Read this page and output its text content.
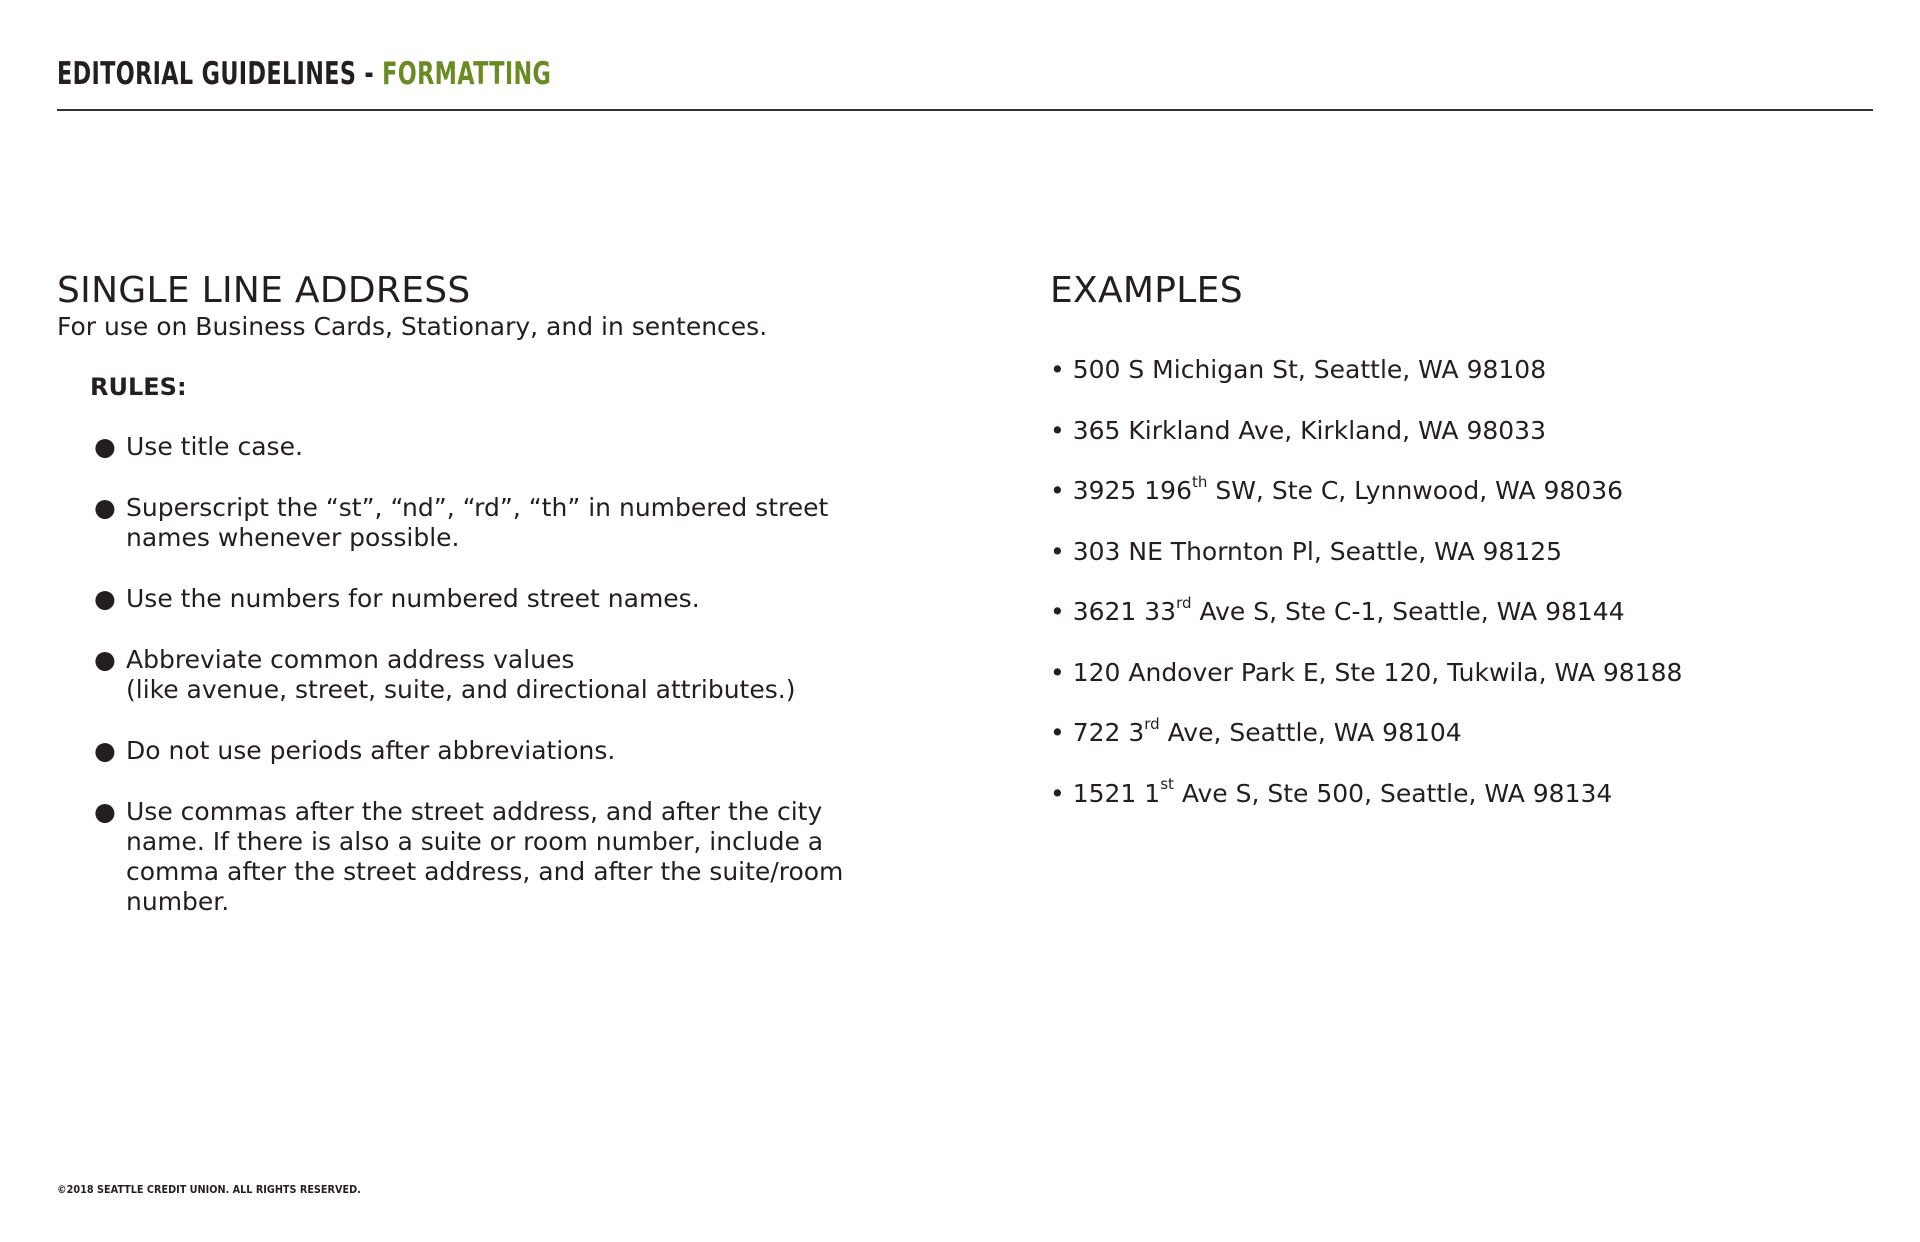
EDITORIAL GUIDELINES - FORMATTING
SINGLE LINE ADDRESS

For use on Business Cards, Stationary, and in sentences.

RULES:
● Use title case.
● Superscript the “st”, “nd”, “rd”, “th” in numbered street
names whenever possible.
● Use the numbers for numbered street names.
● Abbreviate common address values
(like avenue, street, suite, and directional attributes.)
● Do not use periods after abbreviations.
● Use commas after the street address, and after the city
name. If there is also a suite or room number, include a
comma after the street address, and after the suite/room
number.
EXAMPLES
• 500 S Michigan St, Seattle, WA 98108
• 365 Kirkland Ave, Kirkland, WA 98033
• 3925 196th SW, Ste C, Lynnwood, WA 98036
• 303 NE Thornton Pl, Seattle, WA 98125
• 3621 33rd Ave S, Ste C-1, Seattle, WA 98144
• 120 Andover Park E, Ste 120, Tukwila, WA 98188
• 722 3rd Ave, Seattle, WA 98104
• 1521 1st Ave S, Ste 500, Seattle, WA 98134
©2018 SEATTLE CREDIT UNION. ALL RIGHTS RESERVED.
